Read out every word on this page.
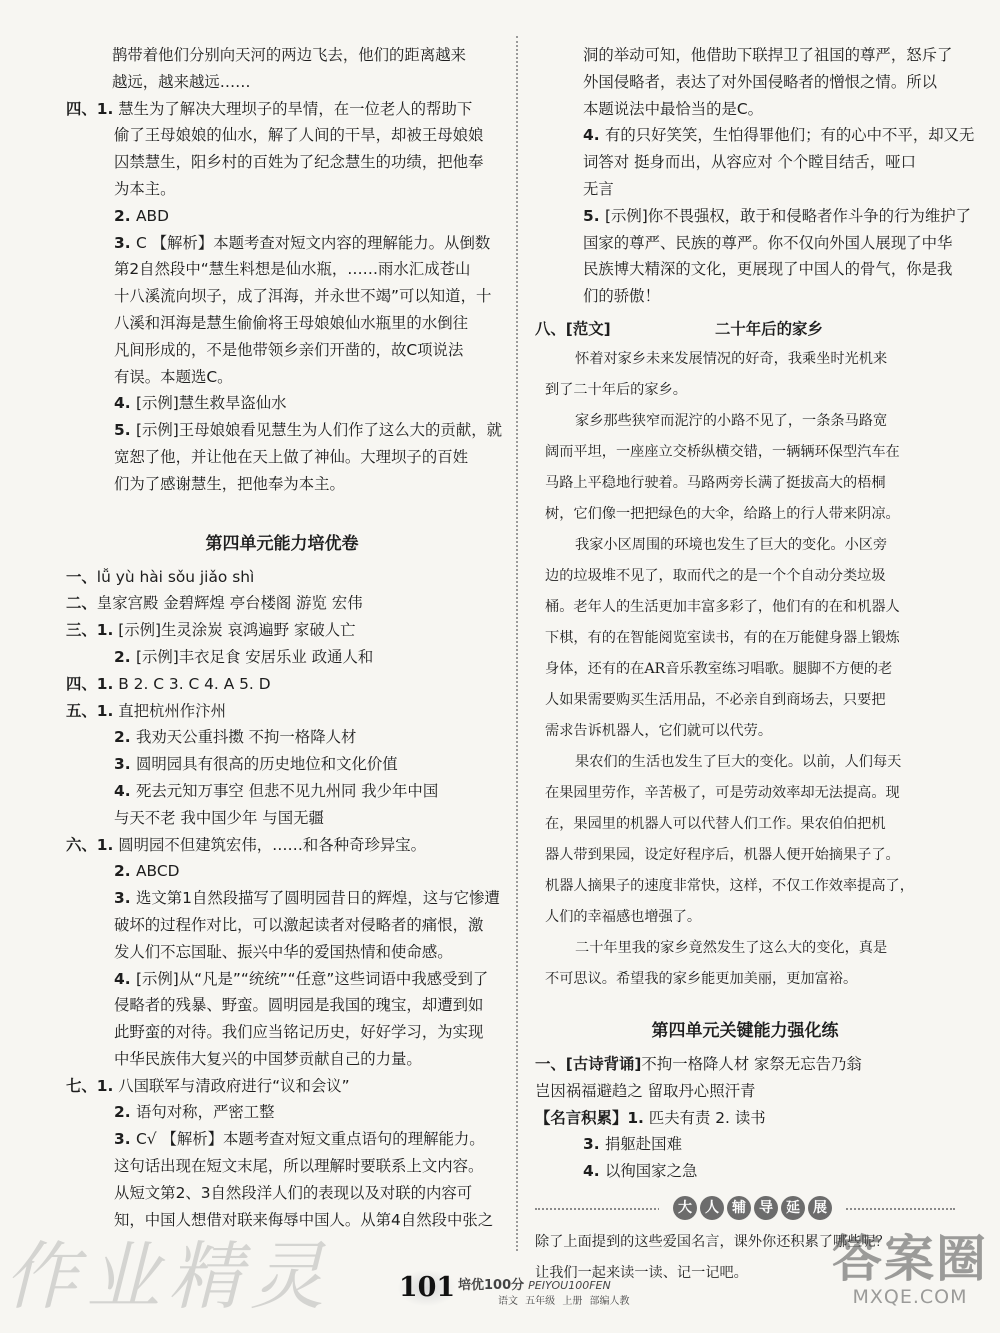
鹊带着他们分别向天河的两边飞去，他们的距离越来
越远，越来越远……
四、1. 慧生为了解决大理坝子的旱情，在一位老人的帮助下
偷了王母娘娘的仙水，解了人间的干旱，却被王母娘娘
囚禁慧生，阳乡村的百姓为了纪念慧生的功绩，把他奉
为本主。
2. ABD
3. C 【解析】本题考查对短文内容的理解能力。从倒数
第2自然段中“慧生料想是仙水瓶，……雨水汇成苍山
十八溪流向坝子，成了洱海，并永世不竭”可以知道，十
八溪和洱海是慧生偷偷将王母娘娘仙水瓶里的水倒往
凡间形成的，不是他带领乡亲们开凿的，故C项说法
有误。本题选C。
4. [示例]慧生救旱盗仙水
5. [示例]王母娘娘看见慧生为人们作了这么大的贡献，就
宽恕了他，并让他在天上做了神仙。大理坝子的百姓
们为了感谢慧生，把他奉为本主。
第四单元能力培优卷
一、lǚ yù hài sǒu jiǎo shì
二、皇家宫殿 金碧辉煌 亭台楼阁 游览 宏伟
三、1. [示例]生灵涂炭 哀鸿遍野 家破人亡
2. [示例]丰衣足食 安居乐业 政通人和
四、1. B 2. C 3. C 4. A 5. D
五、1. 直把杭州作汴州
2. 我劝天公重抖擞 不拘一格降人材
3. 圆明园具有很高的历史地位和文化价值
4. 死去元知万事空 但悲不见九州同 我少年中国
与天不老 我中国少年 与国无疆
六、1. 圆明园不但建筑宏伟，……和各种奇珍异宝。
2. ABCD
3. 选文第1自然段描写了圆明园昔日的辉煌，这与它惨遭
破坏的过程作对比，可以激起读者对侵略者的痛恨，激
发人们不忘国耻、振兴中华的爱国热情和使命感。
4. [示例]从“凡是”“统统”“任意”这些词语中我感受到了
侵略者的残暴、野蛮。圆明园是我国的瑰宝，却遭到如
此野蛮的对待。我们应当铭记历史，好好学习，为实现
中华民族伟大复兴的中国梦贡献自己的力量。
七、1. 八国联军与清政府进行“议和会议”
2. 语句对称，严密工整
3. C√ 【解析】本题考查对短文重点语句的理解能力。
这句话出现在短文末尾，所以理解时要联系上文内容。
从短文第2、3自然段洋人们的表现以及对联的内容可
知，中国人想借对联来侮辱中国人。从第4自然段中张之
洞的举动可知，他借助下联捍卫了祖国的尊严，怒斥了
外国侵略者，表达了对外国侵略者的憎恨之情。所以
本题说法中最恰当的是C。
4. 有的只好笑笑，生怕得罪他们；有的心中不平，却又无
词答对 挺身而出，从容应对 个个瞠目结舌，哑口
无言
5. [示例]你不畏强权，敢于和侵略者作斗争的行为维护了
国家的尊严、民族的尊严。你不仅向外国人展现了中华
民族博大精深的文化，更展现了中国人的骨气，你是我
们的骄傲！
八、[范文]	二十年后的家乡
怀着对家乡未来发展情况的好奇，我乘坐时光机来
到了二十年后的家乡。
家乡那些狭窄而泥泞的小路不见了，一条条马路宽
阔而平坦，一座座立交桥纵横交错，一辆辆环保型汽车在
马路上平稳地行驶着。马路两旁长满了挺拔高大的梧桐
树，它们像一把把绿色的大伞，给路上的行人带来阴凉。
我家小区周围的环境也发生了巨大的变化。小区旁
边的垃圾堆不见了，取而代之的是一个个自动分类垃圾
桶。老年人的生活更加丰富多彩了，他们有的在和机器人
下棋，有的在智能阅览室读书，有的在万能健身器上锻炼
身体，还有的在AR音乐教室练习唱歌。腿脚不方便的老
人如果需要购买生活用品，不必亲自到商场去，只要把
需求告诉机器人，它们就可以代劳。
果农们的生活也发生了巨大的变化。以前，人们每天
在果园里劳作，辛苦极了，可是劳动效率却无法提高。现
在，果园里的机器人可以代替人们工作。果农伯伯把机
器人带到果园，设定好程序后，机器人便开始摘果子了。
机器人摘果子的速度非常快，这样，不仅工作效率提高了，
人们的幸福感也增强了。
二十年里我的家乡竟然发生了这么大的变化，真是
不可思议。希望我的家乡能更加美丽，更加富裕。
第四单元关键能力强化练
一、[古诗背诵]不拘一格降人材 家祭无忘告乃翁
岂因祸福避趋之 留取丹心照汗青
【名言积累】1. 匹夫有责 2. 读书
3. 捐躯赴国难
4. 以徇国家之急
大 人 辅 导 延 展
除了上面提到的这些爱国名言，课外你还积累了哪些呢？
让我们一起来读一读、记一记吧。
作业精灵	答案圈
MXQE.COM
101 培优100分 PEIYOU100FEN
语文 五年级 上册 部编人教
